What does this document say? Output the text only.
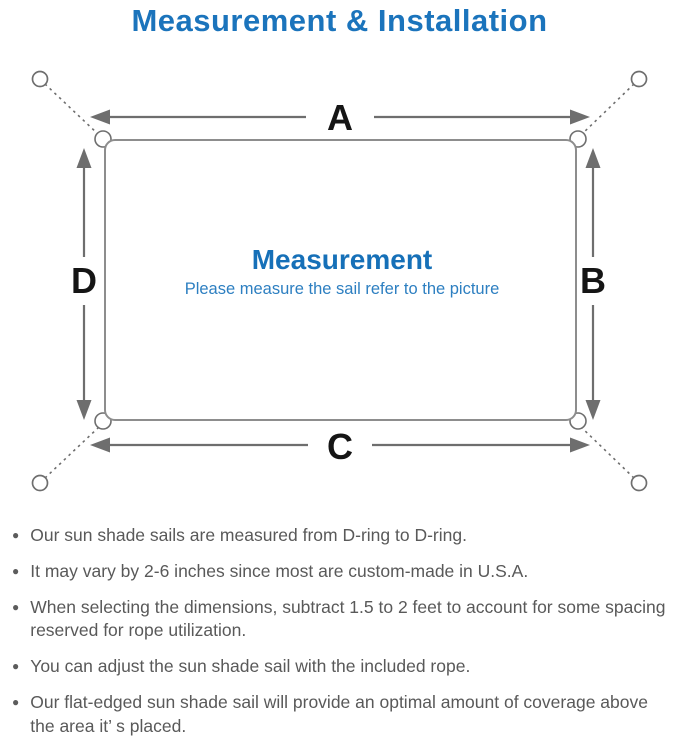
Measurement & Installation
A
C
D	B
Measurement
Please measure the sail refer to the picture
● Our sun shade sails are measured from D-ring to D-ring.
● It may vary by 2-6 inches since most are custom-made in U.S.A.
● When selecting the dimensions, subtract 1.5 to 2 feet to account for some spacing reserved for rope utilization.
● You can adjust the sun shade sail with the included rope.
● Our flat-edged sun shade sail will provide an optimal amount of coverage above the area it’ s placed.
